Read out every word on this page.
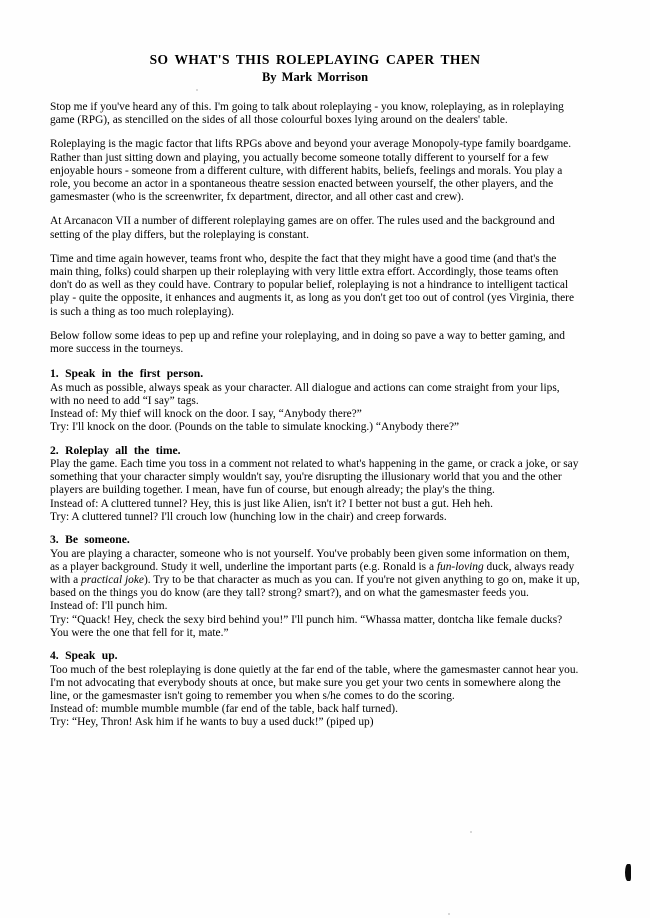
SO WHAT'S THIS ROLEPLAYING CAPER THEN
By Mark Morrison

Stop me if you've heard any of this. I'm going to talk about roleplaying - you know, roleplaying, as in roleplaying game (RPG), as stencilled on the sides of all those colourful boxes lying around on the dealers' table.

Roleplaying is the magic factor that lifts RPGs above and beyond your average Monopoly-type family boardgame. Rather than just sitting down and playing, you actually become someone totally different to yourself for a few enjoyable hours - someone from a different culture, with different habits, beliefs, feelings and morals. You play a role, you become an actor in a spontaneous theatre session enacted between yourself, the other players, and the gamesmaster (who is the screenwriter, fx department, director, and all other cast and crew).

At Arcanacon VII a number of different roleplaying games are on offer. The rules used and the background and setting of the play differs, but the roleplaying is constant.

Time and time again however, teams front who, despite the fact that they might have a good time (and that's the main thing, folks) could sharpen up their roleplaying with very little extra effort. Accordingly, those teams often don't do as well as they could have. Contrary to popular belief, roleplaying is not a hindrance to intelligent tactical play - quite the opposite, it enhances and augments it, as long as you don't get too out of control (yes Virginia, there is such a thing as too much roleplaying).

Below follow some ideas to pep up and refine your roleplaying, and in doing so pave a way to better gaming, and more success in the tourneys.

1. Speak in the first person.
As much as possible, always speak as your character. All dialogue and actions can come straight from your lips, with no need to add “I say” tags.
Instead of: My thief will knock on the door. I say, “Anybody there?”
Try: I'll knock on the door. (Pounds on the table to simulate knocking.) “Anybody there?”
2. Roleplay all the time.
Play the game. Each time you toss in a comment not related to what's happening in the game, or crack a joke, or say something that your character simply wouldn't say, you're disrupting the illusionary world that you and the other players are building together. I mean, have fun of course, but enough already; the play's the thing.
Instead of: A cluttered tunnel? Hey, this is just like Alien, isn't it? I better not bust a gut. Heh heh.
Try: A cluttered tunnel? I'll crouch low (hunching low in the chair) and creep forwards.
3. Be someone.
You are playing a character, someone who is not yourself. You've probably been given some information on them, as a player background. Study it well, underline the important parts (e.g. Ronald is a fun-loving duck, always ready with a practical joke). Try to be that character as much as you can. If you're not given anything to go on, make it up, based on the things you do know (are they tall? strong? smart?), and on what the gamesmaster feeds you.
Instead of: I'll punch him.
Try: “Quack! Hey, check the sexy bird behind you!” I'll punch him. “Whassa matter, dontcha like female ducks? You were the one that fell for it, mate.”
4. Speak up.
Too much of the best roleplaying is done quietly at the far end of the table, where the gamesmaster cannot hear you. I'm not advocating that everybody shouts at once, but make sure you get your two cents in somewhere along the line, or the gamesmaster isn't going to remember you when s/he comes to do the scoring.
Instead of: mumble mumble mumble (far end of the table, back half turned).
Try: “Hey, Thron! Ask him if he wants to buy a used duck!” (piped up)
